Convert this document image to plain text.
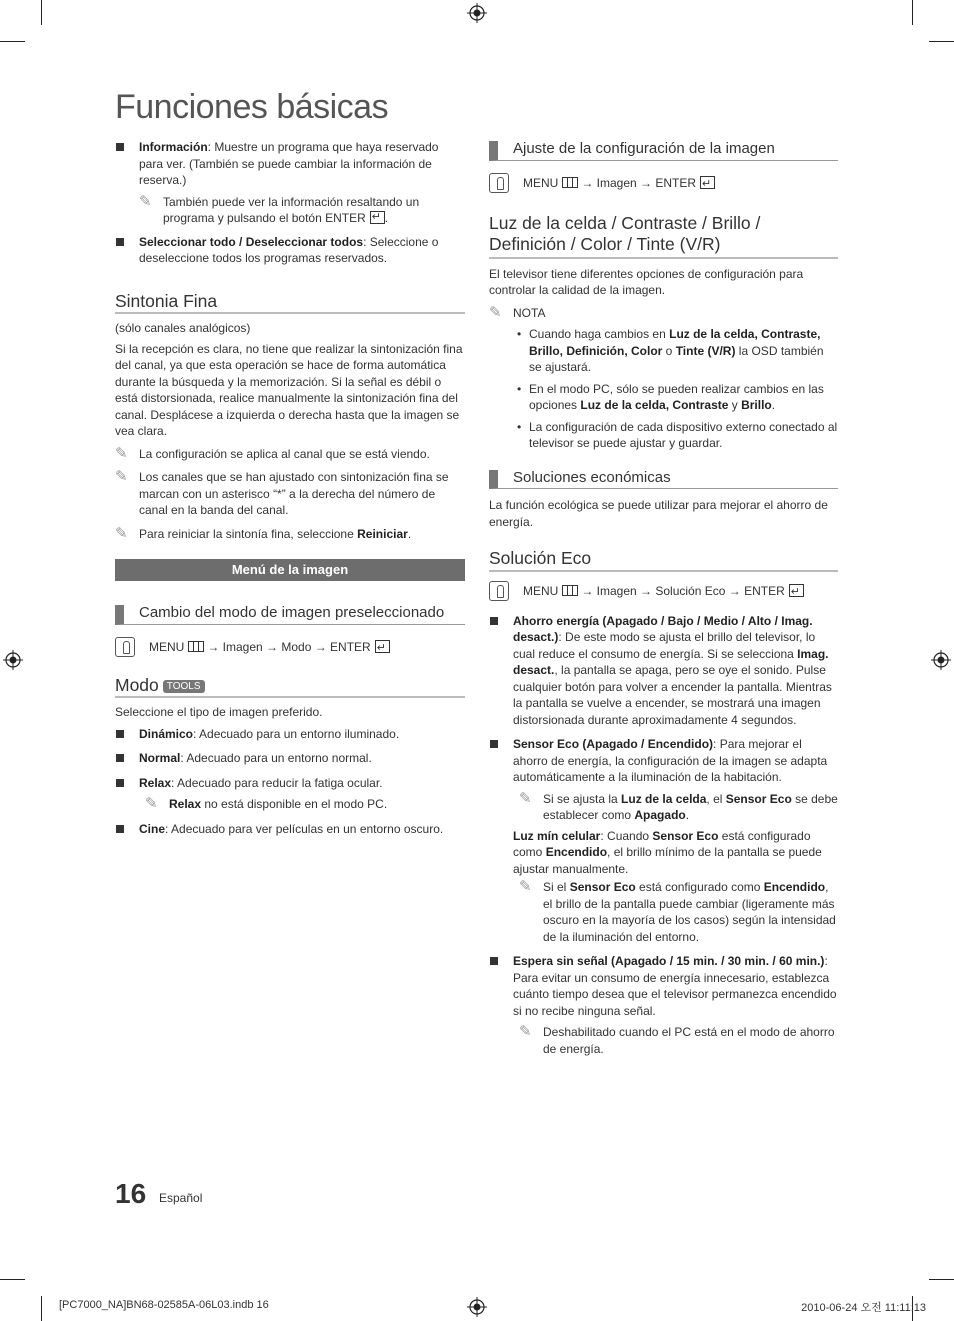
Funciones básicas

Información: Muestre un programa que haya reservado para ver. (También se puede cambiar la información de reserva.)

✎ También puede ver la información resaltando un programa y pulsando el botón ENTER↵ .

Seleccionar todo / Deseleccionar todos: Seleccione o deseleccione todos los programas reservados.

Sintonia Fina

(sólo canales analógicos)

Si la recepción es clara, no tiene que realizar la sintonización fina del canal, ya que esta operación se hace de forma automática durante la búsqueda y la memorización. Si la señal es débil o está distorsionada, realice manualmente la sintonización fina del canal. Desplácese a izquierda o derecha hasta que la imagen se vea clara.

✎ La configuración se aplica al canal que se está viendo.

✎ Los canales que se han ajustado con sintonización fina se marcan con un asterisco “*” a la derecha del número de canal en la banda del canal.

✎ Para reiniciar la sintonía fina, seleccione Reiniciar.

Menú de la imagen
Cambio del modo de imagen preseleccionado
MENU → Imagen → Modo → ENTER↵
Modo TOOLS

Seleccione el tipo de imagen preferido.

Dinámico: Adecuado para un entorno iluminado.

Normal: Adecuado para un entorno normal.

Relax: Adecuado para reducir la fatiga ocular.

✎ Relax no está disponible en el modo PC.

Cine: Adecuado para ver películas en un entorno oscuro.

Ajuste de la configuración de la imagen
MENU → Imagen → ENTER↵
Luz de la celda / Contraste / Brillo / Definición / Color / Tinte (V/R)

El televisor tiene diferentes opciones de configuración para controlar la calidad de la imagen.

✎ NOTA

• Cuando haga cambios en Luz de la celda, Contraste, Brillo, Definición, Color o Tinte (V/R) la OSD también se ajustará.

• En el modo PC, sólo se pueden realizar cambios en las opciones Luz de la celda, Contraste y Brillo.

• La configuración de cada dispositivo externo conectado al televisor se puede ajustar y guardar.

Soluciones económicas

La función ecológica se puede utilizar para mejorar el ahorro de energía.

Solución Eco
MENU → Imagen → Solución Eco → ENTER↵

Ahorro energía (Apagado / Bajo / Medio / Alto / Imag. desact.): De este modo se ajusta el brillo del televisor, lo cual reduce el consumo de energía. Si se selecciona Imag. desact., la pantalla se apaga, pero se oye el sonido. Pulse cualquier botón para volver a encender la pantalla. Mientras la pantalla se vuelve a encender, se mostrará una imagen distorsionada durante aproximadamente 4 segundos.

Sensor Eco (Apagado / Encendido): Para mejorar el ahorro de energía, la configuración de la imagen se adapta automáticamente a la iluminación de la habitación.

✎ Si se ajusta la Luz de la celda, el Sensor Eco se debe establecer como Apagado.

Luz mín celular: Cuando Sensor Eco está configurado como Encendido, el brillo mínimo de la pantalla se puede ajustar manualmente.

✎ Si el Sensor Eco está configurado como Encendido, el brillo de la pantalla puede cambiar (ligeramente más oscuro en la mayoría de los casos) según la intensidad de la iluminación del entorno.

Espera sin señal (Apagado / 15 min. / 30 min. / 60 min.): Para evitar un consumo de energía innecesario, establezca cuánto tiempo desea que el televisor permanezca encendido si no recibe ninguna señal.

✎ Deshabilitado cuando el PC está en el modo de ahorro de energía.

16 Español
[PC7000_NA]BN68-02585A-06L03.indb 16	2010-06-24 오전 11:11:13
